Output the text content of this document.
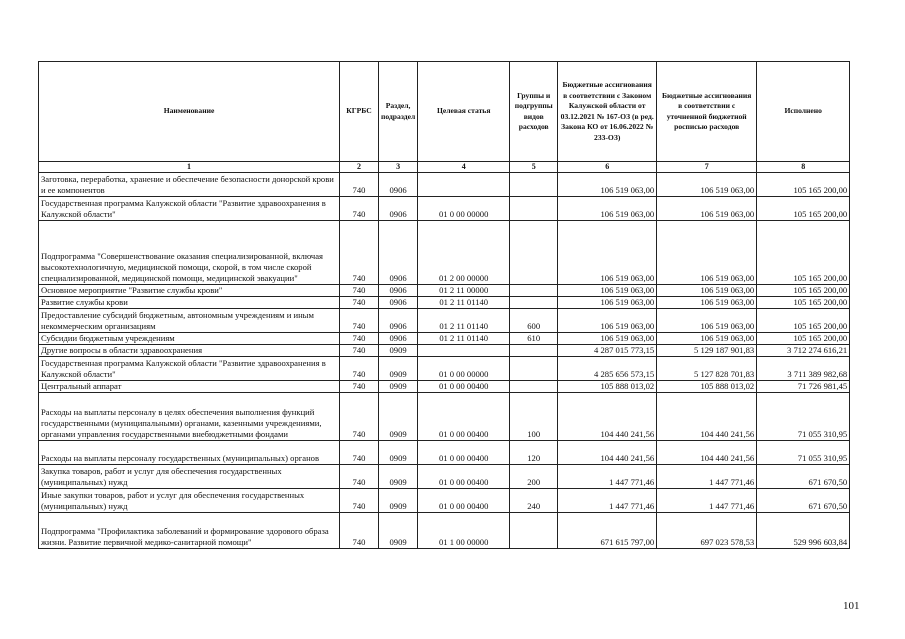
Наименование	КГРБС	Раздел, подраздел	Целевая статья	Группы и подгруппы видов расходов	Бюджетные ассигнования в соответствии с Законом Калужской области от 03.12.2021 № 167-ОЗ (в ред. Закона КО от 16.06.2022 № 233-ОЗ)	Бюджетные ассигнования в соответствии с уточненной бюджетной росписью расходов	Исполнено
1	2	3	4	5	6	7	8
Заготовка, переработка, хранение и обеспечение безопасности донорской крови и ее компонентов	740	0906			106 519 063,00	106 519 063,00	105 165 200,00
Государственная программа Калужской области "Развитие здравоохранения в Калужской области"	740	0906	01 0 00 00000		106 519 063,00	106 519 063,00	105 165 200,00
Подпрограмма "Совершенствование оказания специализированной, включая высокотехнологичную, медицинской помощи, скорой, в том числе скорой специализированной, медицинской помощи, медицинской эвакуации"	740	0906	01 2 00 00000		106 519 063,00	106 519 063,00	105 165 200,00
Основное мероприятие "Развитие службы крови"	740	0906	01 2 11 00000		106 519 063,00	106 519 063,00	105 165 200,00
Развитие службы крови	740	0906	01 2 11 01140		106 519 063,00	106 519 063,00	105 165 200,00
Предоставление субсидий бюджетным, автономным учреждениям и иным некоммерческим организациям	740	0906	01 2 11 01140	600	106 519 063,00	106 519 063,00	105 165 200,00
Субсидии бюджетным учреждениям	740	0906	01 2 11 01140	610	106 519 063,00	106 519 063,00	105 165 200,00
Другие вопросы в области здравоохранения	740	0909			4 287 015 773,15	5 129 187 901,83	3 712 274 616,21
Государственная программа Калужской области "Развитие здравоохранения в Калужской области"	740	0909	01 0 00 00000		4 285 656 573,15	5 127 828 701,83	3 711 389 982,68
Центральный аппарат	740	0909	01 0 00 00400		105 888 013,02	105 888 013,02	71 726 981,45
Расходы на выплаты персоналу в целях обеспечения выполнения функций государственными (муниципальными) органами, казенными учреждениями, органами управления государственными внебюджетными фондами	740	0909	01 0 00 00400	100	104 440 241,56	104 440 241,56	71 055 310,95
Расходы на выплаты персоналу государственных (муниципальных) органов	740	0909	01 0 00 00400	120	104 440 241,56	104 440 241,56	71 055 310,95
Закупка товаров, работ и услуг для обеспечения государственных (муниципальных) нужд	740	0909	01 0 00 00400	200	1 447 771,46	1 447 771,46	671 670,50
Иные закупки товаров, работ и услуг для обеспечения государственных (муниципальных) нужд	740	0909	01 0 00 00400	240	1 447 771,46	1 447 771,46	671 670,50
Подпрограмма "Профилактика заболеваний и формирование здорового образа жизни. Развитие первичной медико-санитарной помощи"	740	0909	01 1 00 00000		671 615 797,00	697 023 578,53	529 996 603,84
101
